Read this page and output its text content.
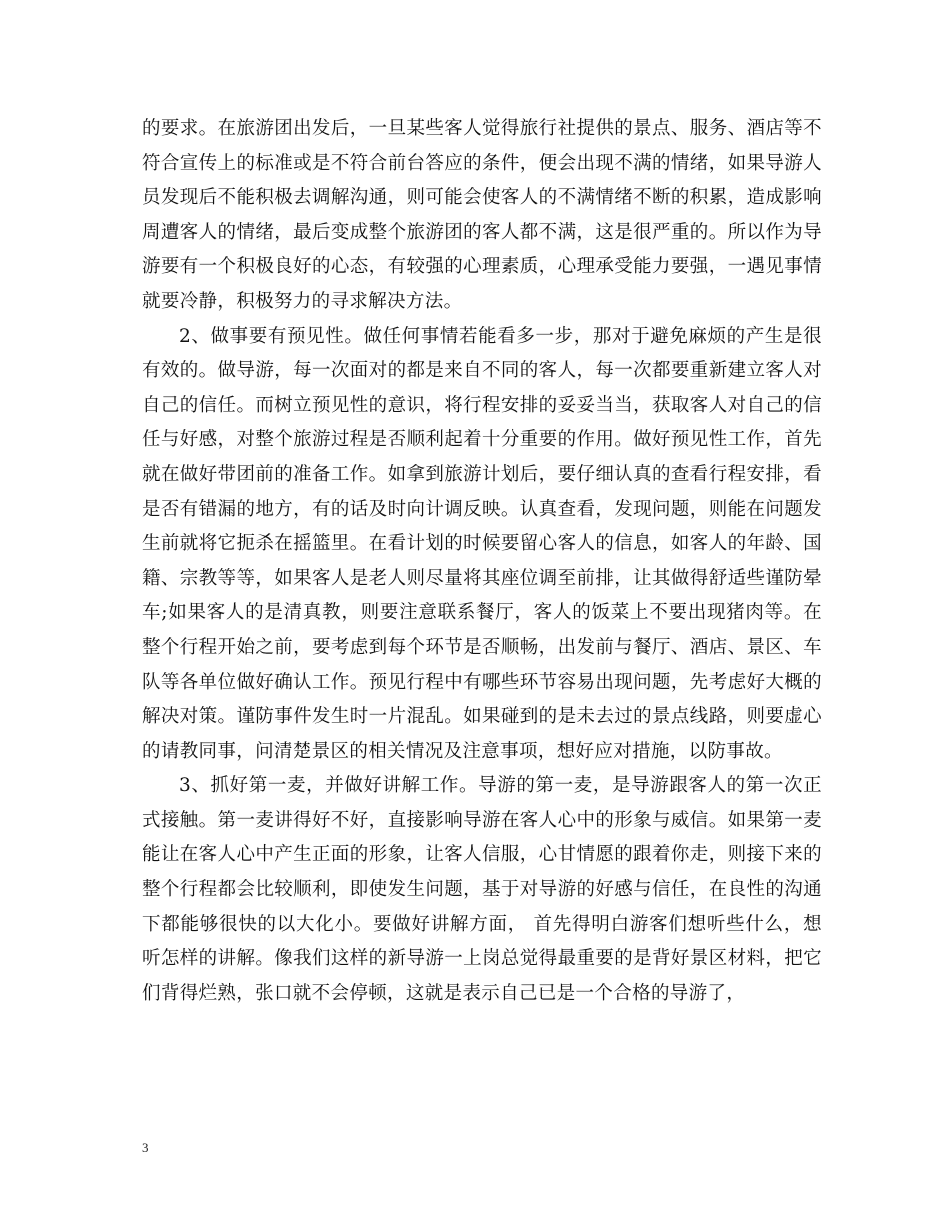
的要求。在旅游团出发后，一旦某些客人觉得旅行社提供的景点、服务、酒店等不符合宣传上的标准或是不符合前台答应的条件，便会出现不满的情绪，如果导游人员发现后不能积极去调解沟通，则可能会使客人的不满情绪不断的积累，造成影响周遭客人的情绪，最后变成整个旅游团的客人都不满，这是很严重的。所以作为导游要有一个积极良好的心态，有较强的心理素质，心理承受能力要强，一遇见事情就要冷静，积极努力的寻求解决方法。

2、做事要有预见性。做任何事情若能看多一步，那对于避免麻烦的产生是很有效的。做导游，每一次面对的都是来自不同的客人，每一次都要重新建立客人对自己的信任。而树立预见性的意识，将行程安排的妥妥当当，获取客人对自己的信任与好感，对整个旅游过程是否顺利起着十分重要的作用。做好预见性工作，首先就在做好带团前的准备工作。如拿到旅游计划后，要仔细认真的查看行程安排，看是否有错漏的地方，有的话及时向计调反映。认真查看，发现问题，则能在问题发生前就将它扼杀在摇篮里。在看计划的时候要留心客人的信息，如客人的年龄、国籍、宗教等等，如果客人是老人则尽量将其座位调至前排，让其做得舒适些谨防晕车;如果客人的是清真教，则要注意联系餐厅，客人的饭菜上不要出现猪肉等。在整个行程开始之前，要考虑到每个环节是否顺畅，出发前与餐厅、酒店、景区、车队等各单位做好确认工作。预见行程中有哪些环节容易出现问题，先考虑好大概的解决对策。谨防事件发生时一片混乱。如果碰到的是未去过的景点线路，则要虚心的请教同事，问清楚景区的相关情况及注意事项，想好应对措施，以防事故。

3、抓好第一麦，并做好讲解工作。导游的第一麦，是导游跟客人的第一次正式接触。第一麦讲得好不好，直接影响导游在客人心中的形象与威信。如果第一麦能让在客人心中产生正面的形象，让客人信服，心甘情愿的跟着你走，则接下来的整个行程都会比较顺利，即使发生问题，基于对导游的好感与信任，在良性的沟通下都能够很快的以大化小。要做好讲解方面， 首先得明白游客们想听些什么，想听怎样的讲解。像我们这样的新导游一上岗总觉得最重要的是背好景区材料，把它们背得烂熟，张口就不会停顿，这就是表示自己已是一个合格的导游了，

3
